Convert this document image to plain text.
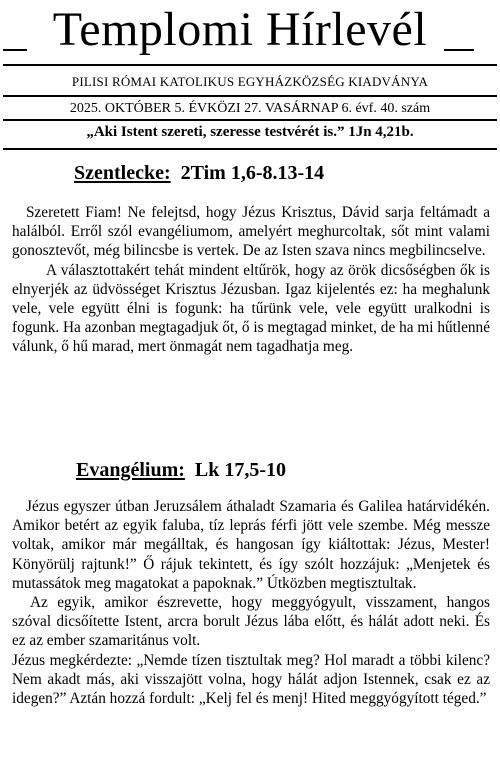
Templomi Hírlevél
PILISI RÓMAI KATOLIKUS EGYHÁZKÖZSÉG KIADVÁNYA
2025. OKTÓBER 5. ÉVKÖZI 27. VASÁRNAP 6. évf. 40. szám
„Aki Istent szereti, szeresse testvérét is.” 1Jn 4,21b.
Szentlecke: 2Tim 1,6-8.13-14

Szeretett Fiam! Ne felejtsd, hogy Jézus Krisztus, Dávid sarja feltámadt a halálból. Erről szól evangéliumom, amelyért meghurcoltak, sőt mint valami gonosztevőt, még bilincsbe is vertek. De az Isten szava nincs megbilincselve.

A választottakért tehát mindent eltűrök, hogy az örök dicsőségben ők is elnyerjék az üdvösséget Krisztus Jézusban. Igaz kijelentés ez: ha meghalunk vele, vele együtt élni is fogunk: ha tűrünk vele, vele együtt uralkodni is fogunk. Ha azonban megtagadjuk őt, ő is megtagad minket, de ha mi hűtlenné válunk, ő hű marad, mert önmagát nem tagadhatja meg.

Evangélium: Lk 17,5-10

Jézus egyszer útban Jeruzsálem áthaladt Szamaria és Galilea határvidékén. Amikor betért az egyik faluba, tíz leprás férfi jött vele szembe. Még messze voltak, amikor már megálltak, és hangosan így kiáltottak: Jézus, Mester! Könyörülj rajtunk!” Ő rájuk tekintett, és így szólt hozzájuk: „Menjetek és mutassátok meg magatokat a papoknak.” Útközben megtisztultak.

Az egyik, amikor észrevette, hogy meggyógyult, visszament, hangos szóval dicsőítette Istent, arcra borult Jézus lába előtt, és hálát adott neki. És ez az ember szamaritánus volt.

Jézus megkérdezte: „Nemde tízen tisztultak meg? Hol maradt a többi kilenc? Nem akadt más, aki visszajött volna, hogy hálát adjon Istennek, csak ez az idegen?” Aztán hozzá fordult: „Kelj fel és menj! Hited meggyógyított téged.”
